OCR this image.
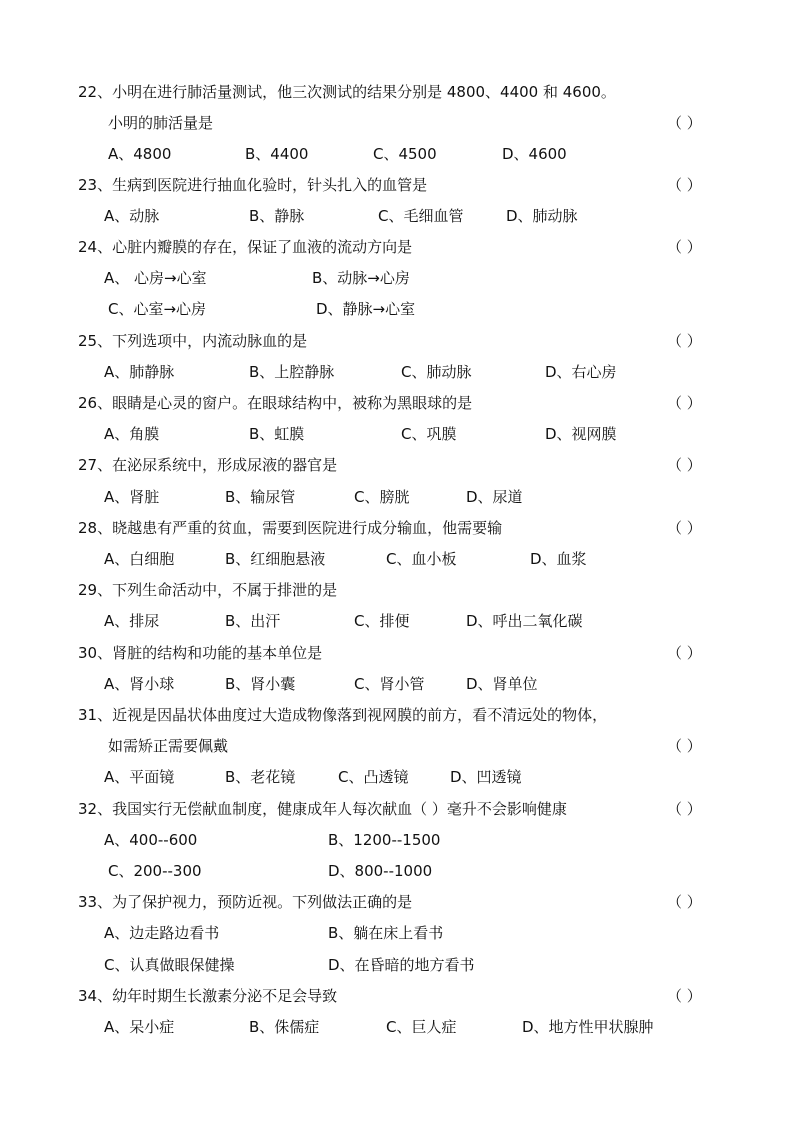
22、小明在进行肺活量测试，他三次测试的结果分别是 4800、4400 和 4600。
小明的肺活量是	（ ）
A、4800	B、4400	C、4500	D、4600
23、生病到医院进行抽血化验时，针头扎入的血管是	（ ）
A、动脉	B、静脉	C、毛细血管	D、肺动脉
24、心脏内瓣膜的存在，保证了血液的流动方向是	（ ）
A、 心房→心室	B、动脉→心房
C、心室→心房	D、静脉→心室
25、下列选项中，内流动脉血的是	（ ）
A、肺静脉	B、上腔静脉	C、肺动脉	D、右心房
26、眼睛是心灵的窗户。在眼球结构中，被称为黑眼球的是	（ ）
A、角膜	B、虹膜	C、巩膜	D、视网膜
27、在泌尿系统中，形成尿液的器官是	（ ）
A、肾脏	B、输尿管	C、膀胱	D、尿道
28、晓越患有严重的贫血，需要到医院进行成分输血，他需要输	（ ）
A、白细胞	B、红细胞悬液	C、血小板	D、血浆
29、下列生命活动中，不属于排泄的是
A、排尿	B、出汗	C、排便	D、呼出二氧化碳
30、肾脏的结构和功能的基本单位是	（ ）
A、肾小球	B、肾小囊	C、肾小管	D、肾单位
31、近视是因晶状体曲度过大造成物像落到视网膜的前方，看不清远处的物体，
如需矫正需要佩戴	（ ）
A、平面镜	B、老花镜	C、凸透镜	D、凹透镜
32、我国实行无偿献血制度，健康成年人每次献血（ ）毫升不会影响健康	（ ）
A、400--600	B、1200--1500
C、200--300	D、800--1000
33、为了保护视力，预防近视。下列做法正确的是	（ ）
A、边走路边看书	B、躺在床上看书
C、认真做眼保健操	D、在昏暗的地方看书
34、幼年时期生长激素分泌不足会导致	（ ）
A、呆小症	B、侏儒症	C、巨人症	D、地方性甲状腺肿
